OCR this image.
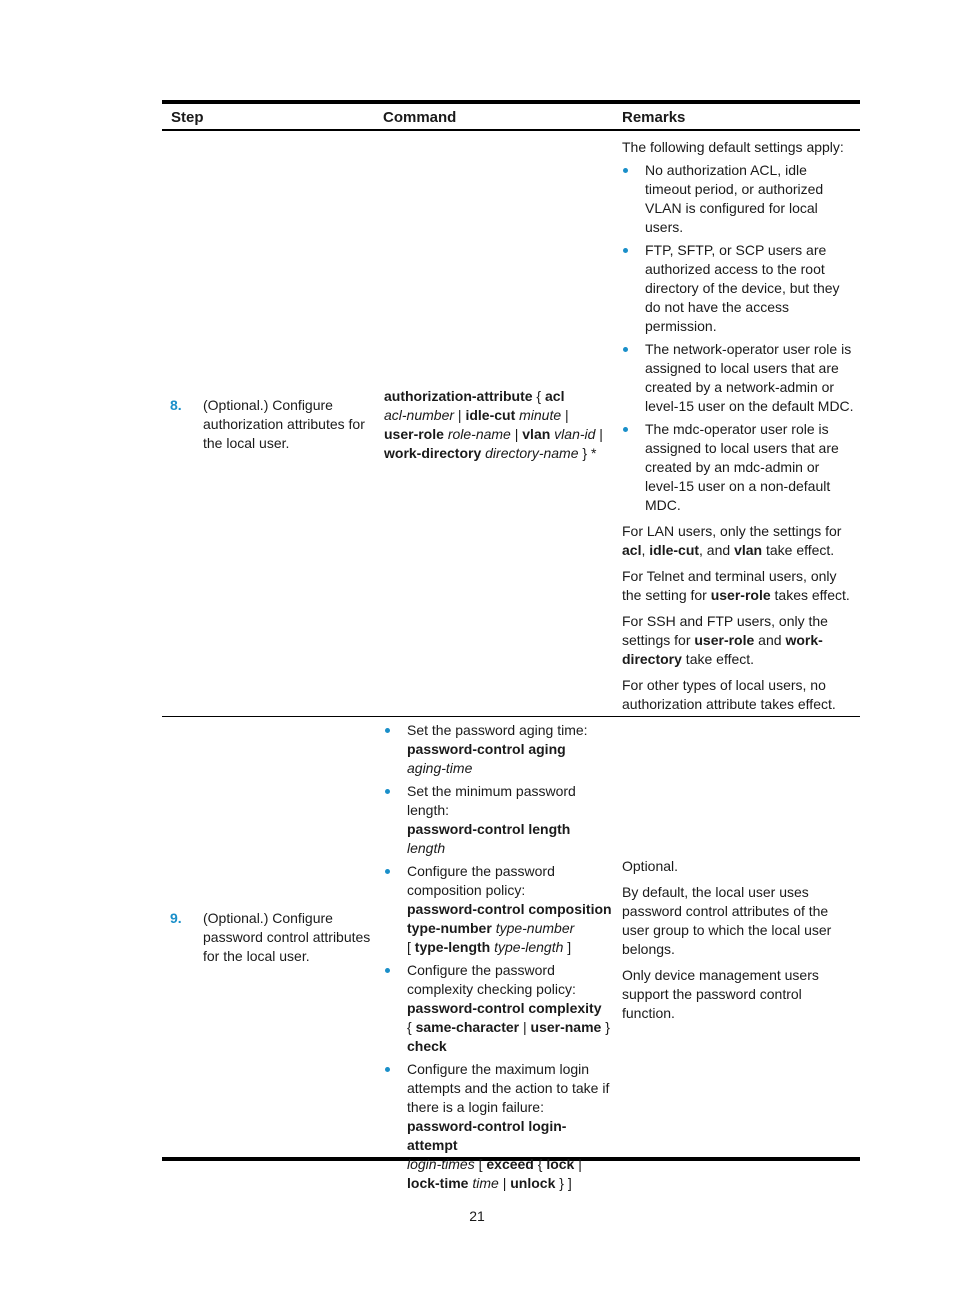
Step	Command	Remarks
8. (Optional.) Configure authorization attributes for the local user.
authorization-attribute { acl
acl-number | idle-cut minute |
user-role role-name | vlan vlan-id |
work-directory directory-name } *

The following default settings apply:

No authorization ACL, idle timeout period, or authorized VLAN is configured for local users.
FTP, SFTP, or SCP users are authorized access to the root directory of the device, but they do not have the access permission.
The network-operator user role is assigned to local users that are created by a network-admin or level-15 user on the default MDC.
The mdc-operator user role is assigned to local users that are created by an mdc-admin or level-15 user on a non-default MDC.

For LAN users, only the settings for acl, idle-cut, and vlan take effect.

For Telnet and terminal users, only the setting for user-role takes effect.

For SSH and FTP users, only the settings for user-role and work-directory take effect.

For other types of local users, no authorization attribute takes effect.

9. (Optional.) Configure password control attributes for the local user.
Set the password aging time:
password-control aging
aging-time
Set the minimum password length:
password-control length length
Configure the password composition policy:
password-control composition
type-number type-number
[ type-length type-length ]
Configure the password complexity checking policy:
password-control complexity
{ same-character | user-name }
check
Configure the maximum login attempts and the action to take if there is a login failure:
password-control login-attempt
login-times [ exceed { lock |
lock-time time | unlock } ]

Optional.

By default, the local user uses password control attributes of the user group to which the local user belongs.

Only device management users support the password control function.

21
